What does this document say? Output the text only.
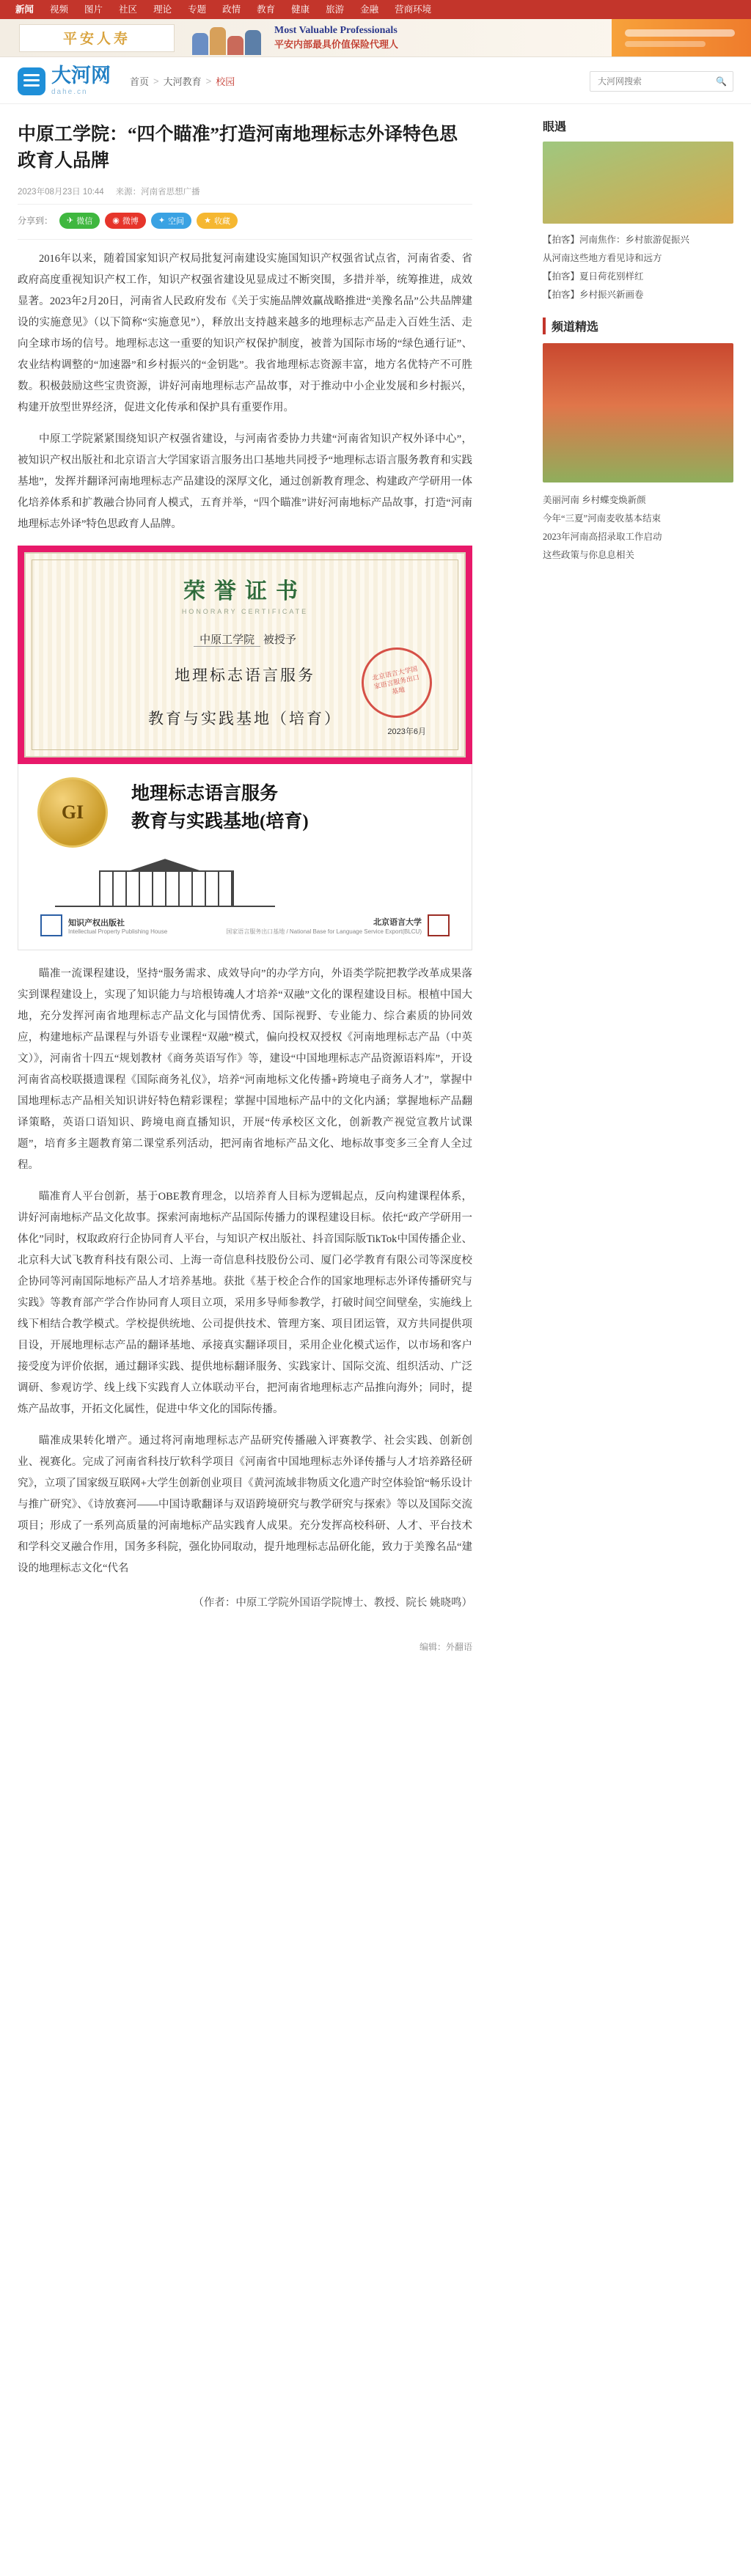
新闻	视频	图片	社区	理论	专题	政情	教育	健康	旅游	金融	营商环境
平安人寿
Most Valuable Professionals
平安内部最具价值保险代理人
大河网
dahe.cn
首页 > 大河教育 > 校园
大河网搜索	🔍
中原工学院：“四个瞄准”打造河南地理标志外译特色思政育人品牌
2023年08月23日 10:44 来源：河南省思想广播
分享到： ✈ 微信 ◉ 微博 ✦ 空间 ★ 收藏

2016年以来，随着国家知识产权局批复河南建设实施国知识产权强省试点省，河南省委、省政府高度重视知识产权工作，知识产权强省建设见显成过不断突围，多措并举，统筹推进，成效显著。2023年2月20日，河南省人民政府发布《关于实施品牌效赢战略推进“美豫名品”公共品牌建设的实施意见》（以下简称“实施意见”），释放出支持越来越多的地理标志产品走入百姓生活、走向全球市场的信号。地理标志这一重要的知识产权保护制度，被普为国际市场的“绿色通行证”、农业结构调整的“加速器”和乡村振兴的“金钥匙”。我省地理标志资源丰富，地方名优特产不可胜数。积极鼓励这些宝贵资源，讲好河南地理标志产品故事，对于推动中小企业发展和乡村振兴，构建开放型世界经济，促进文化传承和保护具有重要作用。

中原工学院紧紧围绕知识产权强省建设，与河南省委协力共建“河南省知识产权外译中心”，被知识产权出版社和北京语言大学国家语言服务出口基地共同授予“地理标志语言服务教育和实践基地”，发挥并翻译河南地理标志产品建设的深厚文化，通过创新教育理念、构建政产学研用一体化培养体系和扩教融合协同育人模式，五育并举，“四个瞄准”讲好河南地标产品故事，打造“河南地理标志外译”特色思政育人品牌。

荣誉证书
HONORARY CERTIFICATE
中原工学院 被授予
地理标志语言服务
教育与实践基地（培育）
北京语言大学国家语言服务出口基地
2023年6月
GI
地理标志语言服务
教育与实践基地(培育)
知识产权出版社
Intellectual Property Publishing House
北京语言大学
国家语言服务出口基地 / National Base for Language Service Export(BLCU)

瞄准一流课程建设，坚持“服务需求、成效导向”的办学方向，外语类学院把教学改革成果落实到课程建设上，实现了知识能力与培根铸魂人才培养“双融”文化的课程建设目标。根植中国大地，充分发挥河南省地理标志产品文化与国情优秀、国际视野、专业能力、综合素质的协同效应，构建地标产品课程与外语专业课程“双融”模式，偏向投权双授权《河南地理标志产品（中英文）》，河南省十四五“规划教材《商务英语写作》等，建设“中国地理标志产品资源语料库”，开设河南省高校联摄遗课程《国际商务礼仪》，培养“河南地标文化传播+跨境电子商务人才”，掌握中国地理标志产品相关知识讲好特色精彩课程；掌握中国地标产品中的文化内涵；掌握地标产品翻译策略，英语口语知识、跨境电商直播知识，开展“传承校区文化，创新教产视觉宣教片试课题”，培育多主题教育第二课堂系列活动，把河南省地标产品文化、地标故事变多三全育人全过程。

瞄准育人平台创新，基于OBE教育理念，以培养育人目标为逻辑起点，反向构建课程体系，讲好河南地标产品文化故事。探索河南地标产品国际传播力的课程建设目标。依托“政产学研用一体化”同时，权取政府行企协同育人平台，与知识产权出版社、抖音国际版TikTok中国传播企业、北京科大试飞教育科技有限公司、上海一奇信息科技股份公司、厦门必学教育有限公司等深度校企协同等河南国际地标产品人才培养基地。获批《基于校企合作的国家地理标志外译传播研究与实践》等教育部产学合作协同育人项目立项，采用多导师参教学，打破时间空间壁垒，实施线上线下相结合教学模式。学校提供统地、公司提供技术、管理方案、项目团运管，双方共同提供项目设，开展地理标志产品的翻译基地、承接真实翻译项目，采用企业化模式运作，以市场和客户接受度为评价依据，通过翻译实践、提供地标翻译服务、实践家计、国际交流、组织活动、广泛调研、参观访学、线上线下实践育人立体联动平台，把河南省地理标志产品推向海外；同时，提炼产品故事，开拓文化属性，促进中华文化的国际传播。

瞄准成果转化增产。通过将河南地理标志产品研究传播融入评赛教学、社会实践、创新创业、视赛化。完成了河南省科技厅软科学项目《河南省中国地理标志外译传播与人才培养路径研究》，立项了国家级互联网+大学生创新创业项目《黄河流域非物质文化遗产时空体验馆“畅乐设计与推广研究》、《诗放赛河——中国诗歌翻译与双语跨境研究与教学研究与探索》等以及国际交流项目；形成了一系列高质量的河南地标产品实践育人成果。充分发挥高校科研、人才、平台技术和学科交叉融合作用，国务多科院，强化协同取动，提升地理标志品研化能，致力于美豫名品“建设的地理标志文化“代名

（作者：中原工学院外国语学院博士、教授、院长 姚晓鸣）

编辑：外翻语
眼遇
【拍客】河南焦作：乡村旅游促振兴
从河南这些地方看见诗和远方
【拍客】夏日荷花别样红
【拍客】乡村振兴新画卷
频道精选
美丽河南 乡村蝶变焕新颜
今年“三夏”河南麦收基本结束
2023年河南高招录取工作启动
这些政策与你息息相关
